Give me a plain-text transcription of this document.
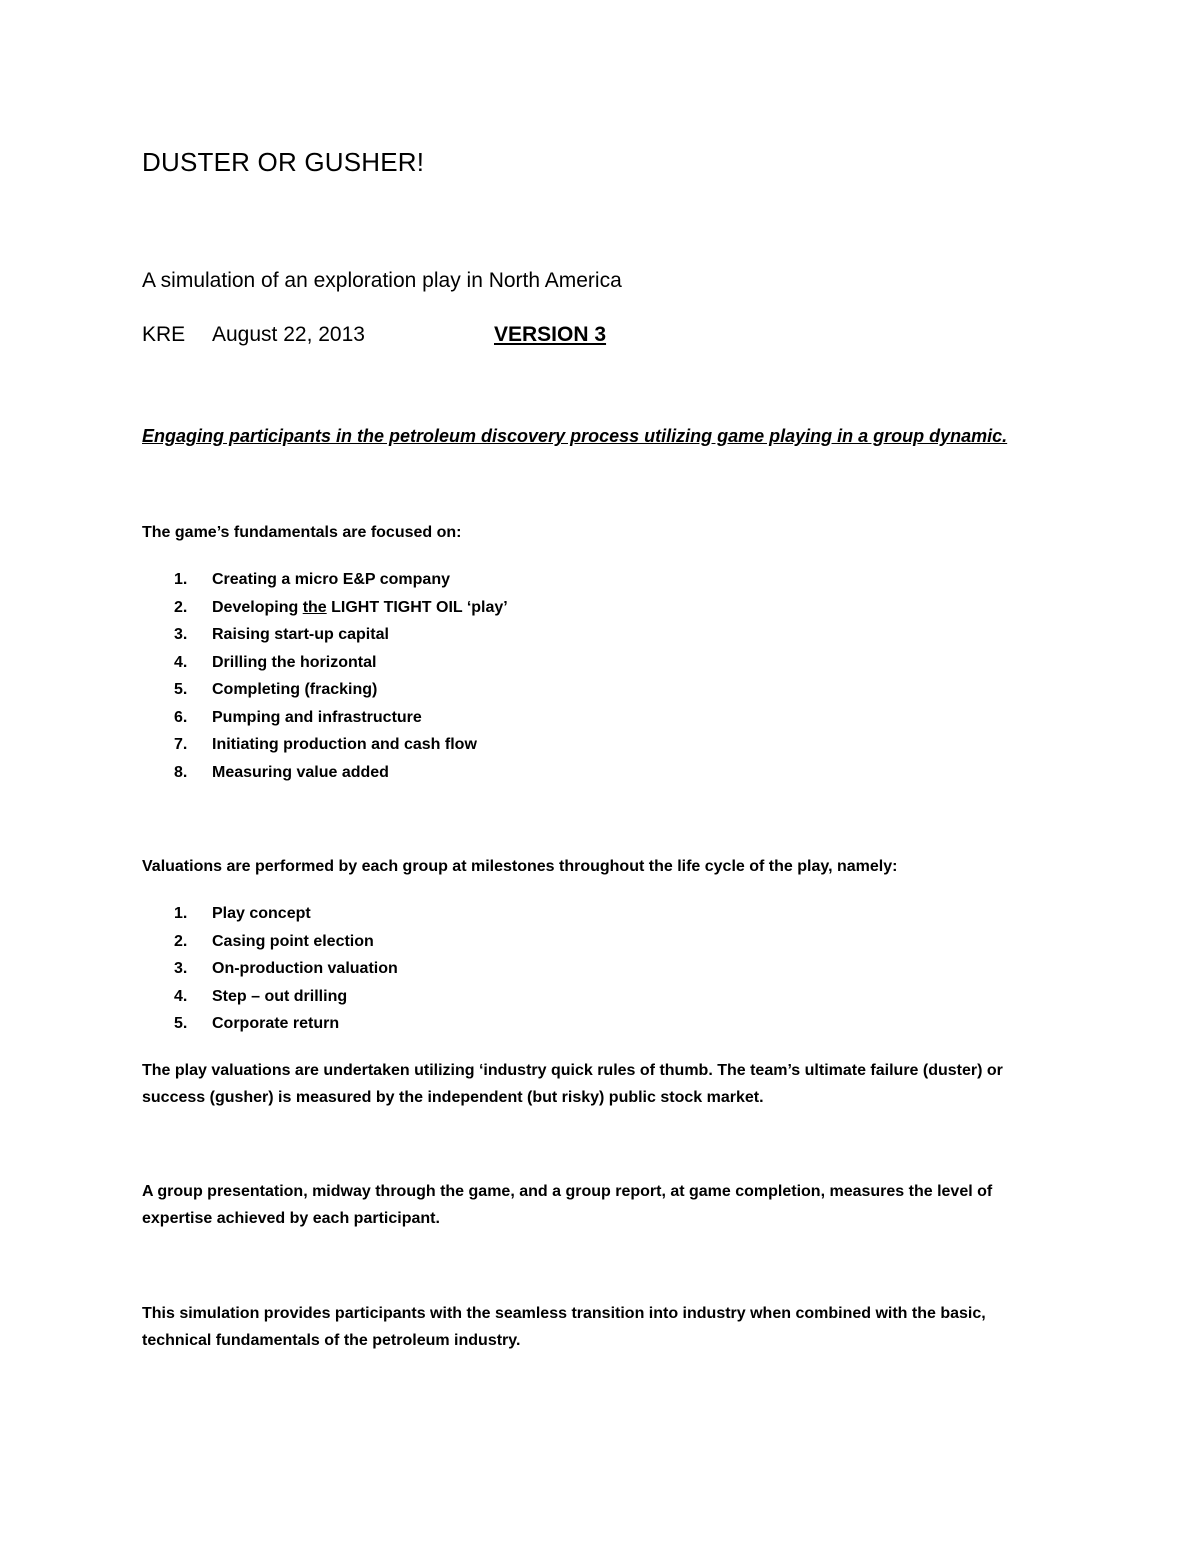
DUSTER OR GUSHER!
A simulation of an exploration play in North America
KRE August 22, 2013	VERSION 3
Engaging participants in the petroleum discovery process utilizing game playing in a group dynamic.
The game’s fundamentals are focused on:
1. Creating a micro E&P company
2. Developing the LIGHT TIGHT OIL ‘play’
3. Raising start-up capital
4. Drilling the horizontal
5. Completing (fracking)
6. Pumping and infrastructure
7. Initiating production and cash flow
8. Measuring value added
Valuations are performed by each group at milestones throughout the life cycle of the play, namely:
1. Play concept
2. Casing point election
3. On-production valuation
4. Step – out drilling
5. Corporate return
The play valuations are undertaken utilizing ‘industry quick rules of thumb. The team’s ultimate failure (duster) or success (gusher) is measured by the independent (but risky) public stock market.
A group presentation, midway through the game, and a group report, at game completion, measures the level of expertise achieved by each participant.
This simulation provides participants with the seamless transition into industry when combined with the basic, technical fundamentals of the petroleum industry.
